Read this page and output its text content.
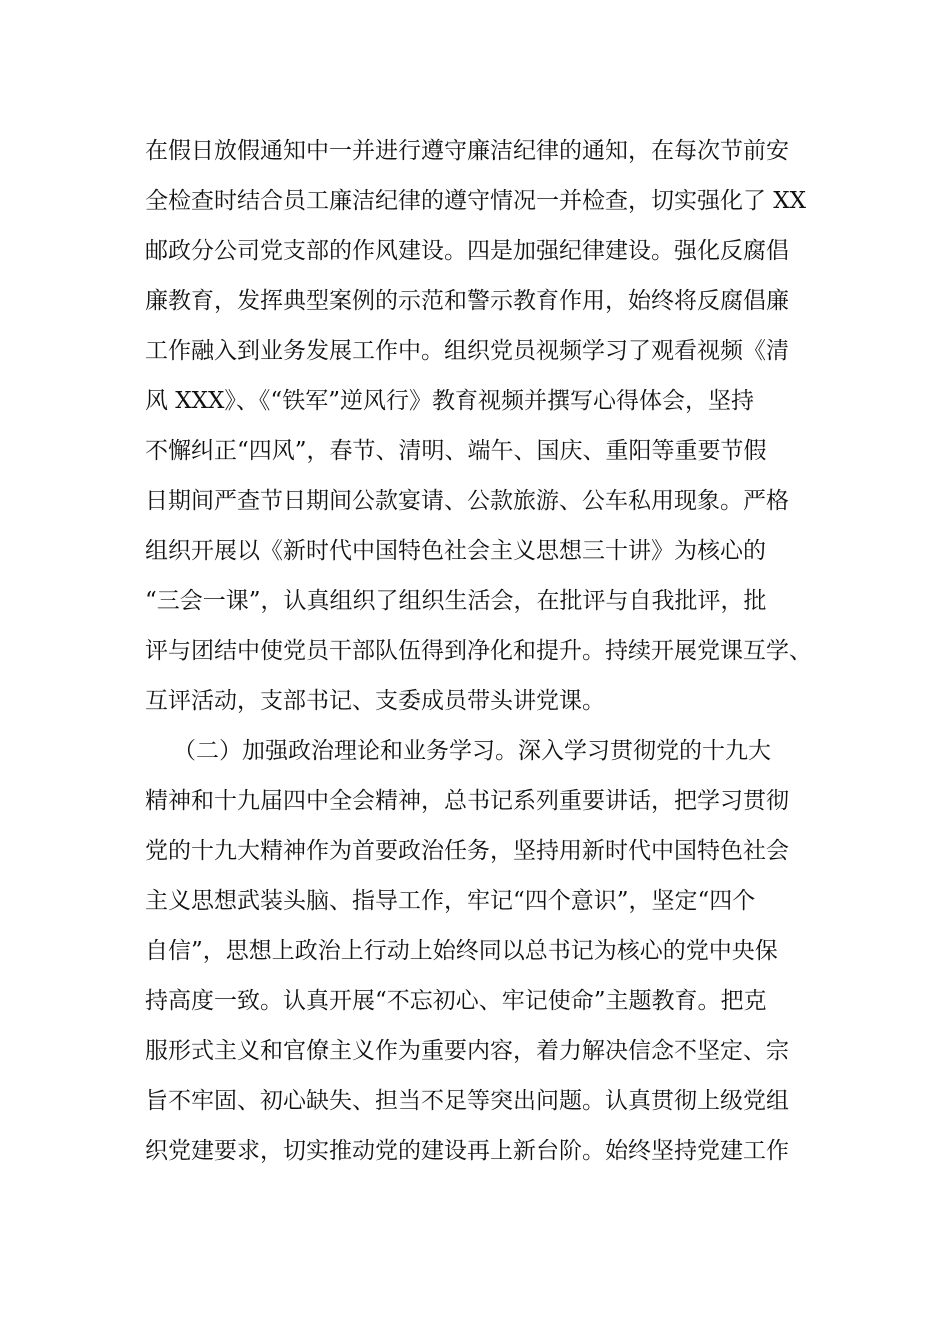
在假日放假通知中一并进行遵守廉洁纪律的通知，在每次节前安
全检查时结合员工廉洁纪律的遵守情况一并检查，切实强化了 XX
邮政分公司党支部的作风建设。四是加强纪律建设。强化反腐倡
廉教育，发挥典型案例的示范和警示教育作用，始终将反腐倡廉
工作融入到业务发展工作中。组织党员视频学习了观看视频《清
风 XXX》、《“铁军”逆风行》教育视频并撰写心得体会，坚持
不懈纠正“四风”，春节、清明、端午、国庆、重阳等重要节假
日期间严查节日期间公款宴请、公款旅游、公车私用现象。严格
组织开展以《新时代中国特色社会主义思想三十讲》为核心的
“三会一课”，认真组织了组织生活会，在批评与自我批评，批
评与团结中使党员干部队伍得到净化和提升。持续开展党课互学、
互评活动，支部书记、支委成员带头讲党课。
（二）加强政治理论和业务学习。深入学习贯彻党的十九大
精神和十九届四中全会精神，总书记系列重要讲话，把学习贯彻
党的十九大精神作为首要政治任务，坚持用新时代中国特色社会
主义思想武装头脑、指导工作，牢记“四个意识”，坚定“四个
自信”，思想上政治上行动上始终同以总书记为核心的党中央保
持高度一致。认真开展“不忘初心、牢记使命”主题教育。把克
服形式主义和官僚主义作为重要内容，着力解决信念不坚定、宗
旨不牢固、初心缺失、担当不足等突出问题。认真贯彻上级党组
织党建要求，切实推动党的建设再上新台阶。始终坚持党建工作
